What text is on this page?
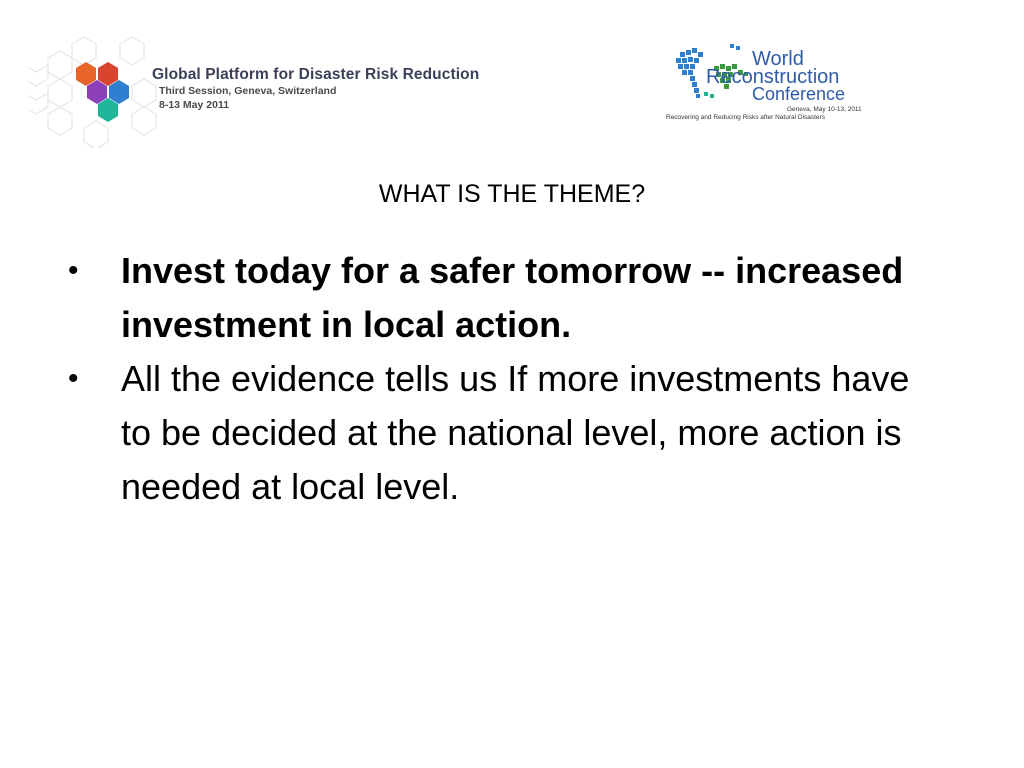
Global Platform for Disaster Risk Reduction
Third Session, Geneva, Switzerland
8-13 May 2011
World
Reconstruction
Conference
Geneva, May 10-13, 2011
Recovering and Reducing Risks after Natural Disasters
WHAT IS THE THEME?
• Invest today for a safer tomorrow -- increased investment in local action.
• All the evidence tells us If more investments have to be decided at the national level, more action is needed at local level.
